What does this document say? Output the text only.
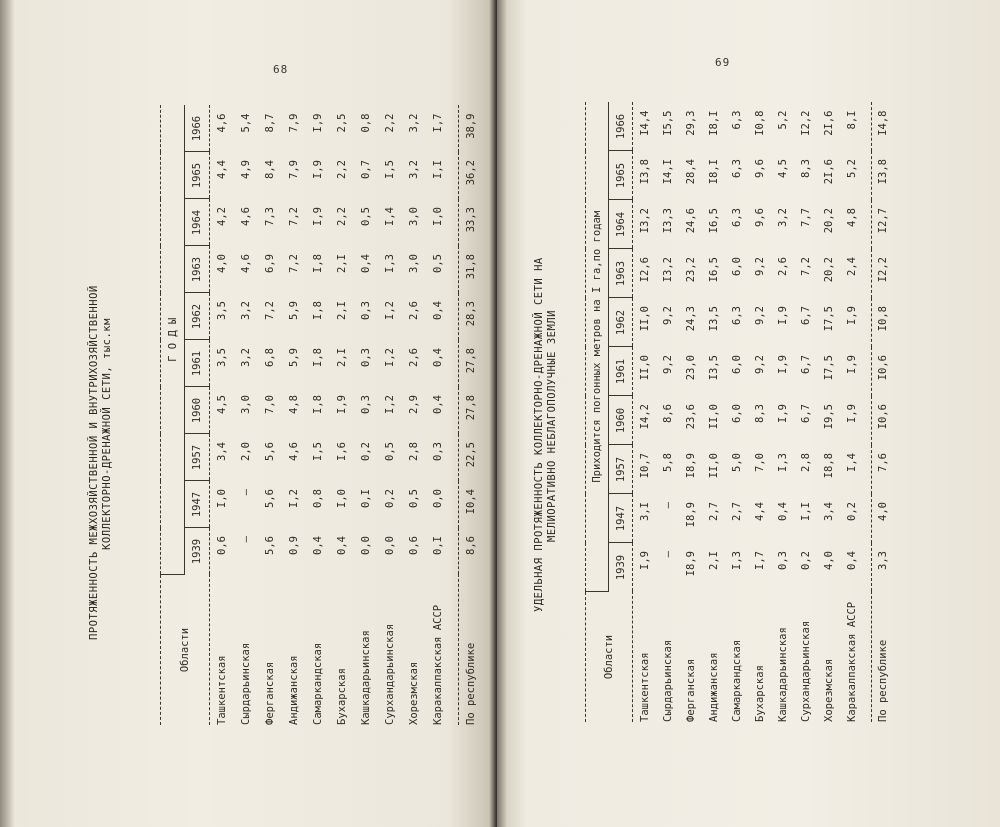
68
ПРОТЯЖЕННОСТЬ МЕЖХОЗЯЙСТВЕННОЙ И ВНУТРИХОЗЯЙСТВЕННОЙ КОЛЛЕКТОРНО-ДРЕНАЖНОЙ СЕТИ, тыс.км
Области	Г О Д Ы									
	1939	1947	1957	1960	1961	1962	1963	1964	1965	1966
Ташкентская	0,6	I,0	3,4	4,5	3,5	3,5	4,0	4,2	4,4	4,6
Сырдарьинская	–	–	2,0	3,0	3,2	3,2	4,6	4,6	4,9	5,4
Ферганская	5,6	5,6	5,6	7,0	6,8	7,2	6,9	7,3	8,4	8,7
Андижанская	0,9	I,2	4,6	4,8	5,9	5,9	7,2	7,2	7,9	7,9
Самаркандская	0,4	0,8	I,5	I,8	I,8	I,8	I,8	I,9	I,9	I,9
Бухарская	0,4	I,0	I,6	I,9	2,I	2,I	2,I	2,2	2,2	2,5
Кашкадарьинская	0,0	0,I	0,2	0,3	0,3	0,3	0,4	0,5	0,7	0,8
Сурхандарьинская	0,0	0,2	0,5	I,2	I,2	I,2	I,3	I,4	I,5	2,2
Хорезмская	0,6	0,5	2,8	2,9	2,6	2,6	3,0	3,0	3,2	3,2
Каракалпакская АССР	0,I	0,0	0,3	0,4	0,4	0,4	0,5	I,0	I,I	I,7

По республике	8,6	I0,4	22,5	27,8	27,8	28,3	31,8	33,3	36,2	38,9
69
УДЕЛЬНАЯ ПРОТЯЖЕННОСТЬ КОЛЛЕКТОРНО-ДРЕНАЖНОЙ СЕТИ НА МЕЛИОРАТИВНО НЕБЛАГОПОЛУЧНЫЕ ЗЕМЛИ
Области	Приходится погонных метров на I га,по годам									
	1939	1947	1957	1960	1961	1962	1963	1964	1965	1966
Ташкентская	I,9	3,I	I0,7	I4,2	II,0	II,0	I2,6	I3,2	I3,8	I4,4
Сырдарьинская	–	–	5,8	8,6	9,2	9,2	I3,2	I3,3	I4,I	I5,5
Ферганская	I8,9	I8,9	I8,9	23,6	23,0	24,3	23,2	24,6	28,4	29,3
Андижанская	2,I	2,7	II,0	II,0	I3,5	I3,5	I6,5	I6,5	I8,I	I8,I
Самаркандская	I,3	2,7	5,0	6,0	6,0	6,3	6,0	6,3	6,3	6,3
Бухарская	I,7	4,4	7,0	8,3	9,2	9,2	9,2	9,6	9,6	I0,8
Кашкадарьинская	0,3	0,4	I,3	I,9	I,9	I,9	2,6	3,2	4,5	5,2
Сурхандарьинская	0,2	I,I	2,8	6,7	6,7	6,7	7,2	7,7	8,3	I2,2
Хорезмская	4,0	3,4	I8,8	I9,5	I7,5	I7,5	20,2	20,2	2I,6	2I,6
Каракалпакская АССР	0,4	0,2	I,4	I,9	I,9	I,9	2,4	4,8	5,2	8,I

По республике	3,3	4,0	7,6	I0,6	I0,6	I0,8	I2,2	I2,7	I3,8	I4,8
